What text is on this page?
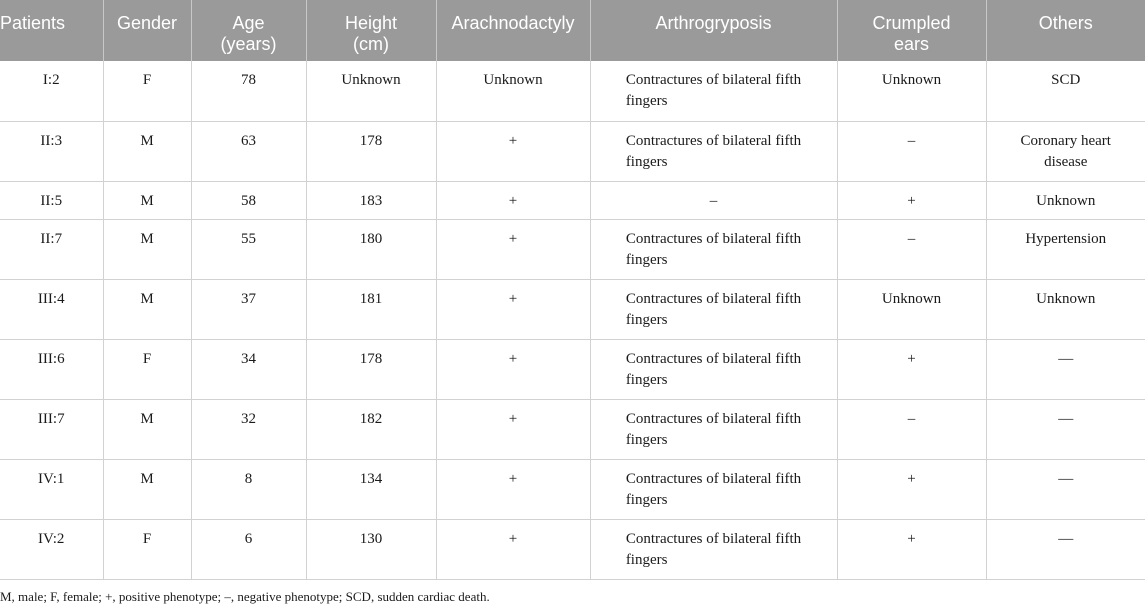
Patients	Gender	Age
(years)	Height
(cm)	Arachnodactyly	Arthrogryposis	Crumpled
ears	Others
I:2	F	78	Unknown	Unknown	Contractures of bilateral fifth
fingers	Unknown	SCD
II:3	M	63	178	+	Contractures of bilateral fifth
fingers	–	Coronary heart
disease
II:5	M	58	183	+	–	+	Unknown
II:7	M	55	180	+	Contractures of bilateral fifth
fingers	–	Hypertension
III:4	M	37	181	+	Contractures of bilateral fifth
fingers	Unknown	Unknown
III:6	F	34	178	+	Contractures of bilateral fifth
fingers	+	—
III:7	M	32	182	+	Contractures of bilateral fifth
fingers	–	—
IV:1	M	8	134	+	Contractures of bilateral fifth
fingers	+	—
IV:2	F	6	130	+	Contractures of bilateral fifth
fingers	+	—
M, male; F, female; +, positive phenotype; –, negative phenotype; SCD, sudden cardiac death.
